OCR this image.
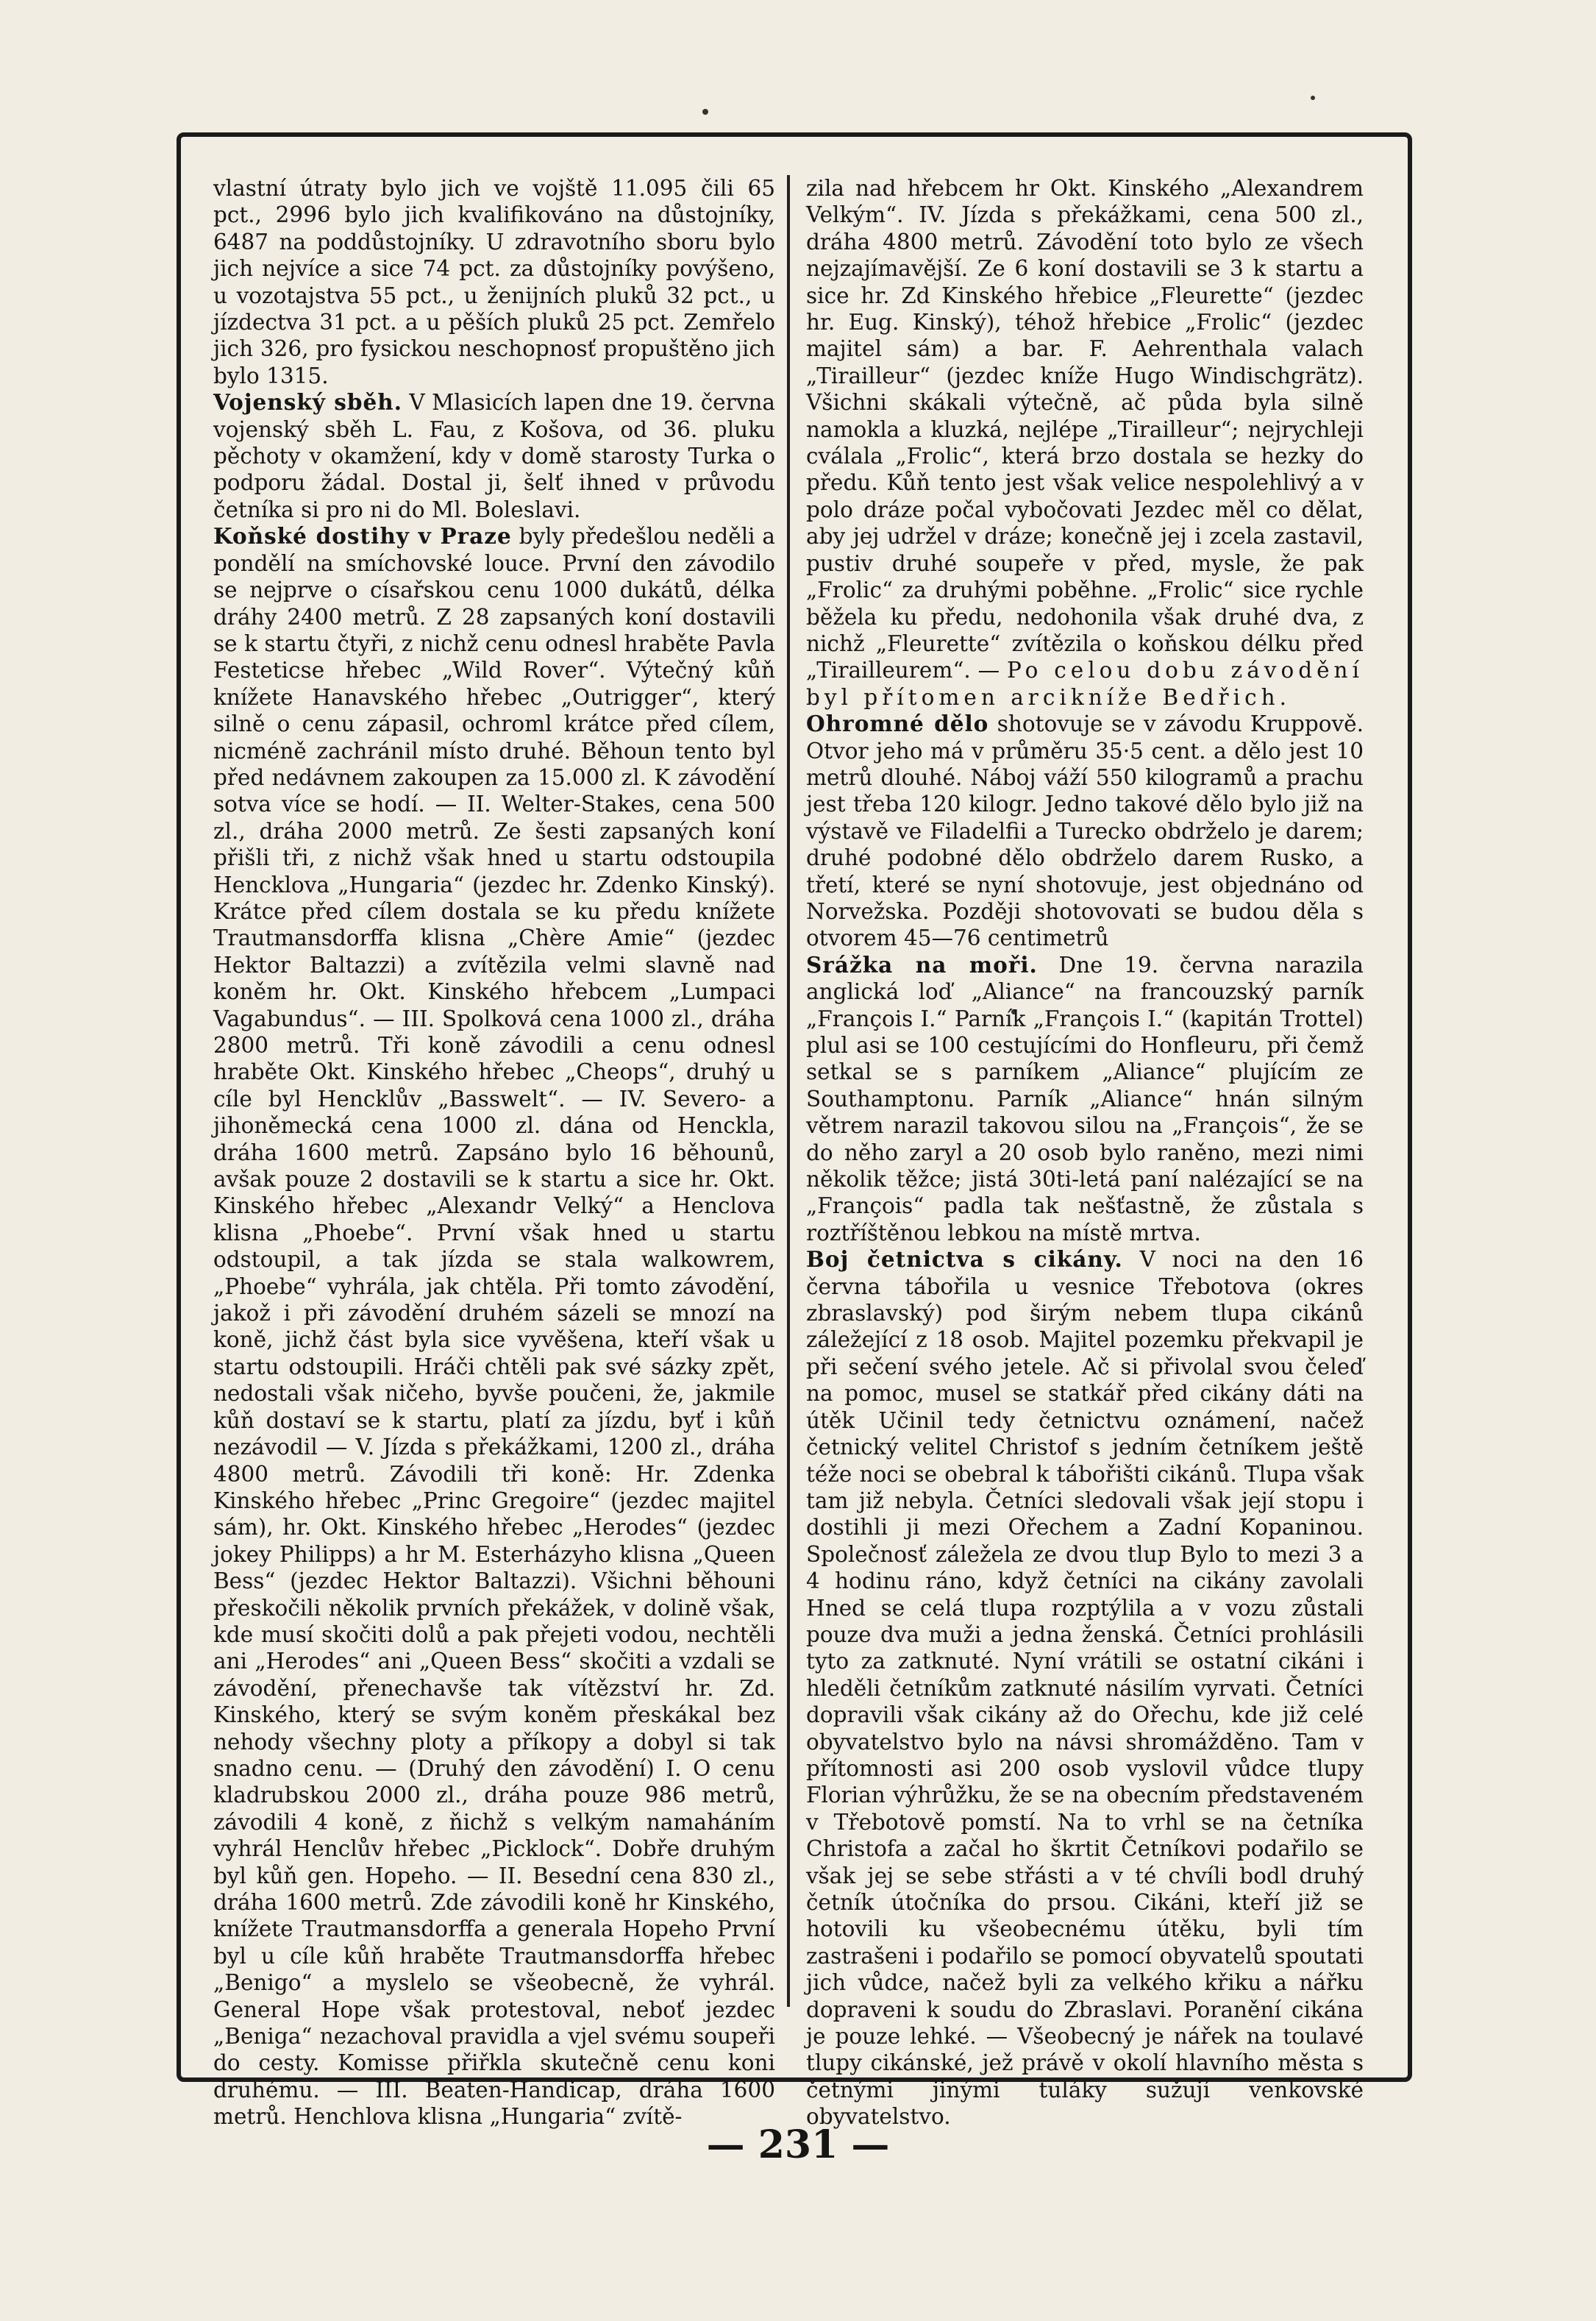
vlastní útraty bylo jich ve vojště 11.095 čili 65 pct., 2996 bylo jich kvalifikováno na důstojníky, 6487 na poddůstojníky. U zdravotního sboru bylo jich nejvíce a sice 74 pct. za důstojníky povýšeno, u vozotajstva 55 pct., u ženijních pluků 32 pct., u jízdectva 31 pct. a u pěších pluků 25 pct. Zemřelo jich 326, pro fysickou neschopnosť propuštěno jich bylo 1315.

Vojenský sběh. V Mlasicích lapen dne 19. června vojenský sběh L. Fau, z Košova, od 36. pluku pěchoty v okamžení, kdy v domě starosty Turka o podporu žádal. Dostal ji, šelť ihned v průvodu četníka si pro ni do Ml. Boleslavi.

Koňské dostihy v Praze byly předešlou neděli a pondělí na smíchovské louce. První den závodilo se nejprve o císařskou cenu 1000 dukátů, délka dráhy 2400 metrů. Z 28 zapsaných koní dostavili se k startu čtyři, z nichž cenu odnesl hraběte Pavla Festeticse hřebec „Wild Rover“. Výtečný kůň knížete Hanavského hřebec „Outrigger“, který silně o cenu zápasil, ochroml krátce před cílem, nicméně zachránil místo druhé. Běhoun tento byl před nedávnem zakoupen za 15.000 zl. K závodění sotva více se hodí. — II. Welter-Stakes, cena 500 zl., dráha 2000 metrů. Ze šesti zapsaných koní přišli tři, z nichž však hned u startu odstoupila Hencklova „Hungaria“ (jezdec hr. Zdenko Kinský). Krátce před cílem dostala se ku předu knížete Trautmansdorffa klisna „Chère Amie“ (jezdec Hektor Baltazzi) a zvítězila velmi slavně nad koněm hr. Okt. Kinského hřebcem „Lumpaci Vagabundus“. — III. Spolková cena 1000 zl., dráha 2800 metrů. Tři koně závodili a cenu odnesl hraběte Okt. Kinského hřebec „Cheops“, druhý u cíle byl Hencklův „Basswelt“. — IV. Severo- a jihoněmecká cena 1000 zl. dána od Henckla, dráha 1600 metrů. Zapsáno bylo 16 běhounů, avšak pouze 2 dostavili se k startu a sice hr. Okt. Kinského hřebec „Alexandr Velký“ a Henclova klisna „Phoebe“. První však hned u startu odstoupil, a tak jízda se stala walkowrem, „Phoebe“ vyhrála, jak chtěla. Při tomto závodění, jakož i při závodění druhém sázeli se mnozí na koně, jichž část byla sice vyvěšena, kteří však u startu odstoupili. Hráči chtěli pak své sázky zpět, nedostali však ničeho, byvše poučeni, že, jakmile kůň dostaví se k startu, platí za jízdu, byť i kůň nezávodil — V. Jízda s překážkami, 1200 zl., dráha 4800 metrů. Závodili tři koně: Hr. Zdenka Kinského hřebec „Princ Gregoire“ (jezdec majitel sám), hr. Okt. Kinského hřebec „Herodes“ (jezdec jokey Philipps) a hr M. Esterházyho klisna „Queen Bess“ (jezdec Hektor Baltazzi). Všichni běhouni přeskočili několik prvních překážek, v dolině však, kde musí skočiti dolů a pak přejeti vodou, nechtěli ani „Herodes“ ani „Queen Bess“ skočiti a vzdali se závodění, přenechavše tak vítězství hr. Zd. Kinského, který se svým koněm přeskákal bez nehody všechny ploty a příkopy a dobyl si tak snadno cenu. — (Druhý den závodění) I. O cenu kladrubskou 2000 zl., dráha pouze 986 metrů, závodili 4 koně, z ňichž s velkým namaháním vyhrál Henclův hřebec „Picklock“. Dobře druhým byl kůň gen. Hopeho. — II. Besední cena 830 zl., dráha 1600 metrů. Zde závodili koně hr Kinského, knížete Trautmansdorffa a generala Hopeho První byl u cíle kůň hraběte Trautmansdorffa hřebec „Benigo“ a myslelo se všeobecně, že vyhrál. General Hope však protestoval, neboť jezdec „Beniga“ nezachoval pravidla a vjel svému soupeři do cesty. Komisse přiřkla skutečně cenu koni druhému. — III. Beaten-Handicap, dráha 1600 metrů. Henchlova klisna „Hungaria“ zvítě-

zila nad hřebcem hr Okt. Kinského „Alexandrem Velkým“. IV. Jízda s překážkami, cena 500 zl., dráha 4800 metrů. Závodění toto bylo ze všech nejzajímavější. Ze 6 koní dostavili se 3 k startu a sice hr. Zd Kinského hřebice „Fleurette“ (jezdec hr. Eug. Kinský), téhož hřebice „Frolic“ (jezdec majitel sám) a bar. F. Aehrenthala valach „Tirailleur“ (jezdec knížе Hugo Windischgrätz). Všichni skákali výtečně, ač půda byla silně namokla a kluzká, nejlépe „Tirailleur“; nejrychleji cválala „Frolic“, která brzo dostala se hezky do předu. Kůň tento jest však velice nespolehlivý a v polo dráze počal vybočovati Jezdec měl co dělat, aby jej udržel v dráze; konečně jej i zcela zastavil, pustiv druhé soupeře v před, mysle, že pak „Frolic“ za druhými poběhne. „Frolic“ sice rychle běžela ku předu, nedohonila však druhé dva, z nichž „Fleurette“ zvítězila o koňskou délku před „Tirailleurem“. — Po celou dobu závodění byl přítomen arcikníže Bedřich.

Ohromné dělo shotovuje se v závodu Kruppově. Otvor jeho má v průměru 35·5 cent. a dělo jest 10 metrů dlouhé. Náboj váží 550 kilogramů a prachu jest třeba 120 kilogr. Jedno takové dělo bylo již na výstavě ve Filadelfii a Turecko obdrželo je darem; druhé podobné dělo obdrželo darem Rusko, a třetí, které se nyní shotovuje, jest objednáno od Norvežska. Později shotovovati se budou děla s otvorem 45—76 centimetrů

Srážka na moři. Dne 19. června narazila anglická loď „Aliance“ na francouzský parník „François I.“ Parník „François I.“ (kapitán Trottel) plul asi se 100 cestujícími do Honfleuru, při čemž setkal se s parníkem „Aliance“ plujícím ze Southamptonu. Parník „Aliance“ hnán silným větrem narazil takovou silou na „François“, že se do něho zaryl a 20 osob bylo raněno, mezi nimi několik těžce; jistá 30ti-letá paní nalézající se na „François“ padla tak nešťastně, že zůstala s roztříštěnou lebkou na místě mrtva.

Boj četnictva s cikány. V noci na den 16 června tábořila u vesnice Třebotova (okres zbraslavský) pod širým nebem tlupa cikánů záležející z 18 osob. Majitel pozemku překvapil je při sečení svého jetele. Ač si přivolal svou čeleď na pomoc, musel se statkář před cikány dáti na útěk Učinil tedy četnictvu oznámení, načež četnický velitel Christof s jedním četníkem ještě téže noci se obebral k tábořišti cikánů. Tlupa však tam již nebyla. Četníci sledovali však její stopu i dostihli ji mezi Ořechem a Zadní Kopaninou. Společnosť záležela ze dvou tlup Bylo to mezi 3 a 4 hodinu ráno, když četníci na cikány zavolali Hned se celá tlupa rozptýlila a v vozu zůstali pouze dva muži a jedna ženská. Četníci prohlásili tyto za zatknuté. Nyní vrátili se ostatní cikáni i hleděli četníkům zatknuté násilím vyrvati. Četníci dopravili však cikány až do Ořechu, kde již celé obyvatelstvo bylo na návsi shromážděno. Tam v přítomnosti asi 200 osob vyslovil vůdce tlupy Florian výhrůžku, že se na obecním představeném v Třebotově pomstí. Na to vrhl se na četníka Christofa a začal ho škrtit Četníkovi podařilo se však jej se sebe střásti a v té chvíli bodl druhý četník útočníka do prsou. Cikáni, kteří již se hotovili ku všeobecnému útěku, byli tím zastrašeni i podařilo se pomocí obyvatelů spoutati jich vůdce, načež byli za velkého křiku a nářku dopraveni k soudu do Zbraslavi. Poranění cikána je pouze lehké. — Všeobecný je nářek na toulavé tlupy cikánské, jež právě v okolí hlavního města s četnými jinými tuláky sužují venkovské obyvatelstvo.

— 231 —
